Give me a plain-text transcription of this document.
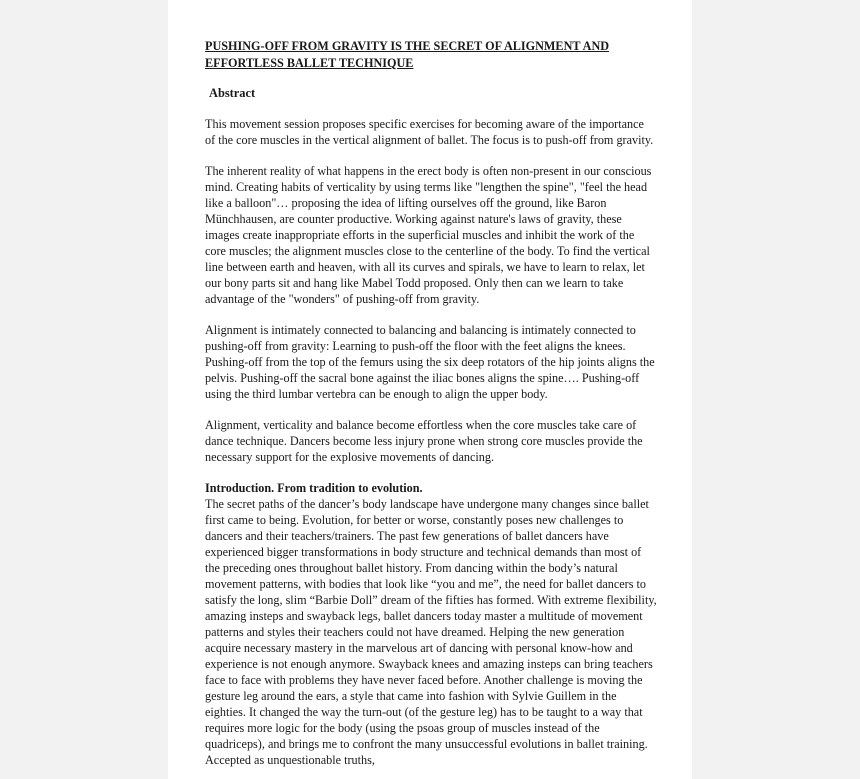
PUSHING-OFF FROM GRAVITY IS THE SECRET OF ALIGNMENT AND
EFFORTLESS BALLET TECHNIQUE
Abstract

This movement session proposes specific exercises for becoming aware of the importance of the core muscles in the vertical alignment of ballet. The focus is to push-off from gravity.

The inherent reality of what happens in the erect body is often non-present in our conscious mind. Creating habits of verticality by using terms like "lengthen the spine", "feel the head like a balloon"… proposing the idea of lifting ourselves off the ground, like Baron Münchhausen, are counter productive. Working against nature's laws of gravity, these images create inappropriate efforts in the superficial muscles and inhibit the work of the core muscles; the alignment muscles close to the centerline of the body. To find the vertical line between earth and heaven, with all its curves and spirals, we have to learn to relax, let our bony parts sit and hang like Mabel Todd proposed. Only then can we learn to take advantage of the "wonders" of pushing-off from gravity.

Alignment is intimately connected to balancing and balancing is intimately connected to pushing-off from gravity: Learning to push-off the floor with the feet aligns the knees. Pushing-off from the top of the femurs using the six deep rotators of the hip joints aligns the pelvis. Pushing-off the sacral bone against the iliac bones aligns the spine…. Pushing-off using the third lumbar vertebra can be enough to align the upper body.

Alignment, verticality and balance become effortless when the core muscles take care of dance technique. Dancers become less injury prone when strong core muscles provide the necessary support for the explosive movements of dancing.

Introduction. From tradition to evolution.

The secret paths of the dancer’s body landscape have undergone many changes since ballet first came to being. Evolution, for better or worse, constantly poses new challenges to dancers and their teachers/trainers. The past few generations of ballet dancers have experienced bigger transformations in body structure and technical demands than most of the preceding ones throughout ballet history. From dancing within the body’s natural movement patterns, with bodies that look like “you and me”, the need for ballet dancers to satisfy the long, slim “Barbie Doll” dream of the fifties has formed. With extreme flexibility, amazing insteps and swayback legs, ballet dancers today master a multitude of movement patterns and styles their teachers could not have dreamed. Helping the new generation acquire necessary mastery in the marvelous art of dancing with personal know-how and experience is not enough anymore. Swayback knees and amazing insteps can bring teachers face to face with problems they have never faced before. Another challenge is moving the gesture leg around the ears, a style that came into fashion with Sylvie Guillem in the eighties. It changed the way the turn-out (of the gesture leg) has to be taught to a way that requires more logic for the body (using the psoas group of muscles instead of the quadriceps), and brings me to confront the many unsuccessful evolutions in ballet training. Accepted as unquestionable truths,
